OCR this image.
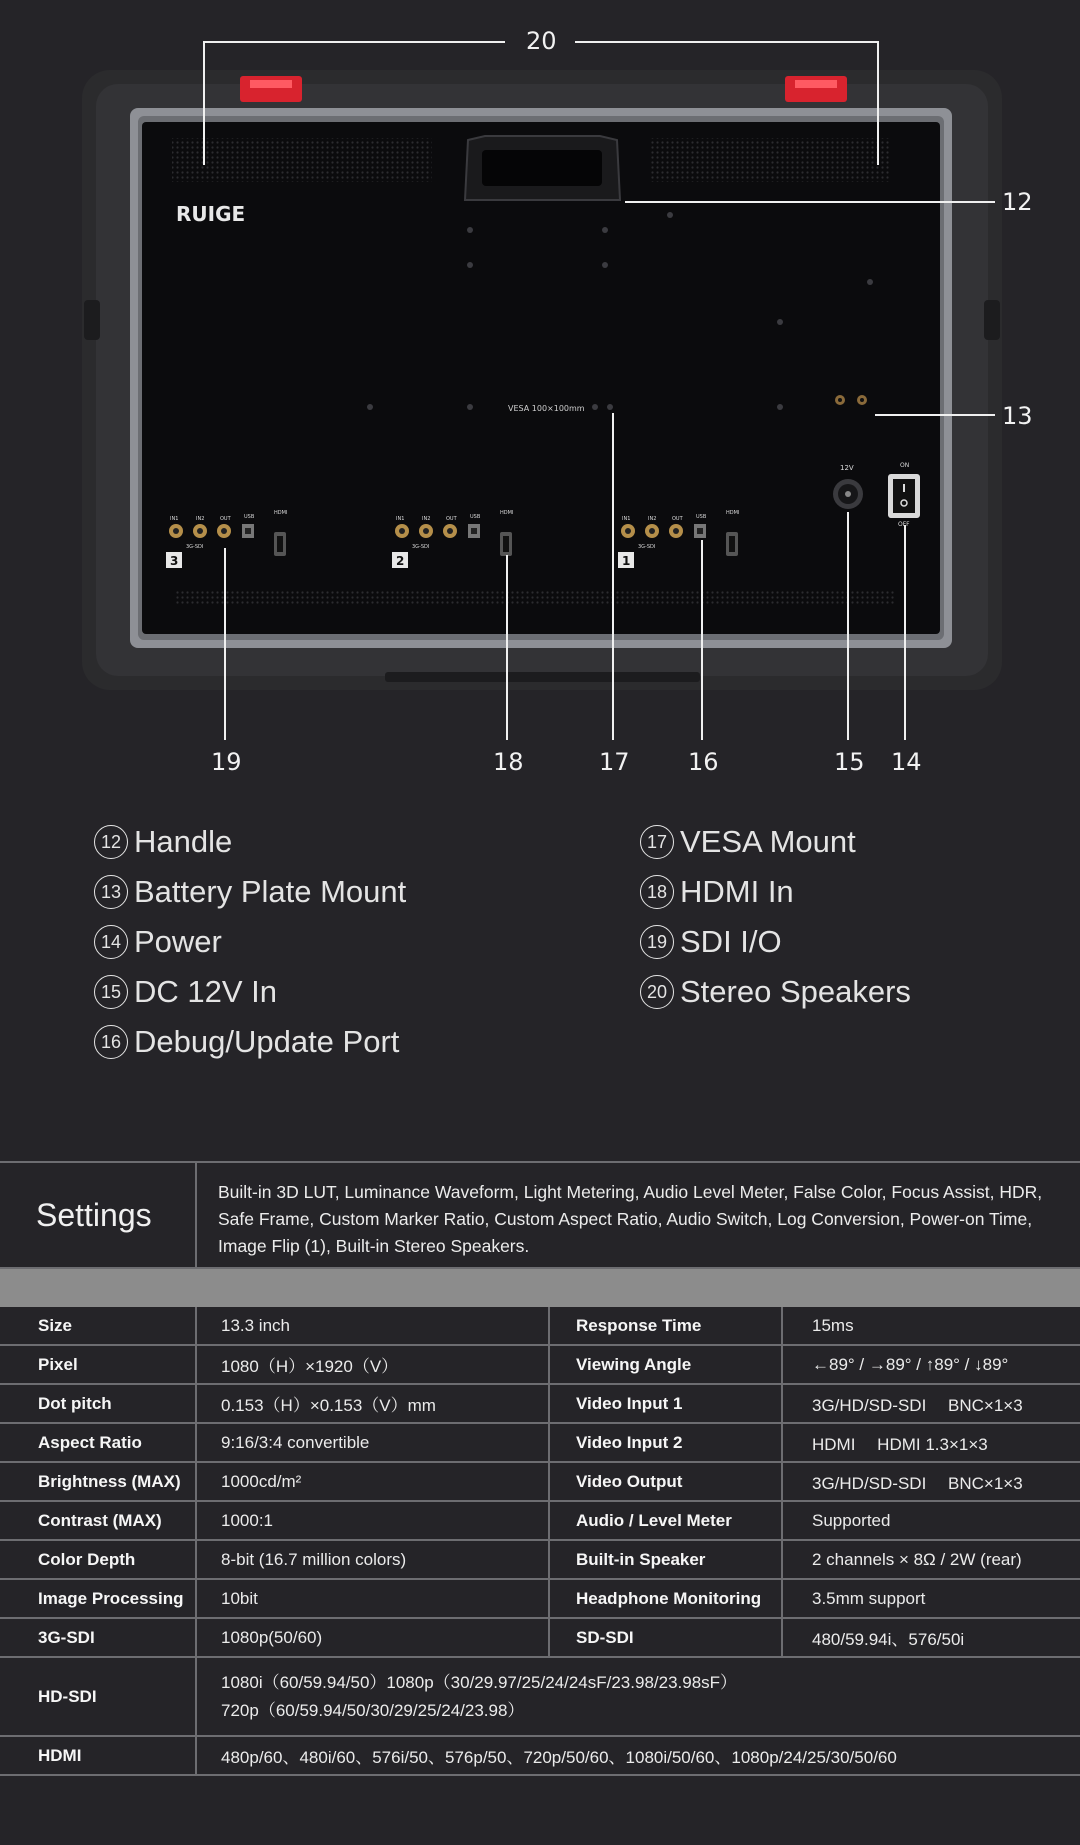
RUIGE
VESA 100×100mm
12V	ON
OFF
IN1	IN2	OUT	USB
HDMI
3G-SDI
3
IN1	IN2	OUT	USB
HDMI
3G-SDI
2
IN1	IN2	OUT	USB
HDMI
3G-SDI
1
20
12
13
19	18	17 16	15 14
12 Handle
13 Battery Plate Mount
14 Power
15 DC 12V In
16 Debug/Update Port
17 VESA Mount
18 HDMI In
19 SDI I/O
20 Stereo Speakers
Settings
Built-in 3D LUT, Luminance Waveform, Light Metering, Audio Level Meter, False Color, Focus Assist, HDR, Safe Frame, Custom Marker Ratio, Custom Aspect Ratio, Audio Switch, Log Conversion, Power-on Time, Image Flip (1), Built-in Stereo Speakers.
Size	13.3 inch	Response Time	15ms
Pixel	1080（H）×1920（V）	Viewing Angle	←89° / →89° / ↑89° / ↓89°
Dot pitch	0.153（H）×0.153（V）mm	Video Input 1	3G/HD/SD-SDI　 BNC×1×3
Aspect Ratio	9:16/3:4 convertible	Video Input 2	HDMI　 HDMI 1.3×1×3
Brightness (MAX)	1000cd/m²	Video Output	3G/HD/SD-SDI　 BNC×1×3
Contrast (MAX)	1000:1	Audio / Level Meter	Supported
Color Depth	8-bit (16.7 million colors)	Built-in Speaker	2 channels × 8Ω / 2W (rear)
Image Processing	10bit	Headphone Monitoring	3.5mm support
3G-SDI	1080p(50/60)	SD-SDI	480/59.94i、576/50i
HD-SDI	1080i（60/59.94/50）1080p（30/29.97/25/24/24sF/23.98/23.98sF）
720p（60/59.94/50/30/29/25/24/23.98）		

HDMI	480p/60、480i/60、576i/50、576p/50、720p/50/60、1080i/50/60、1080p/24/25/30/50/60		
